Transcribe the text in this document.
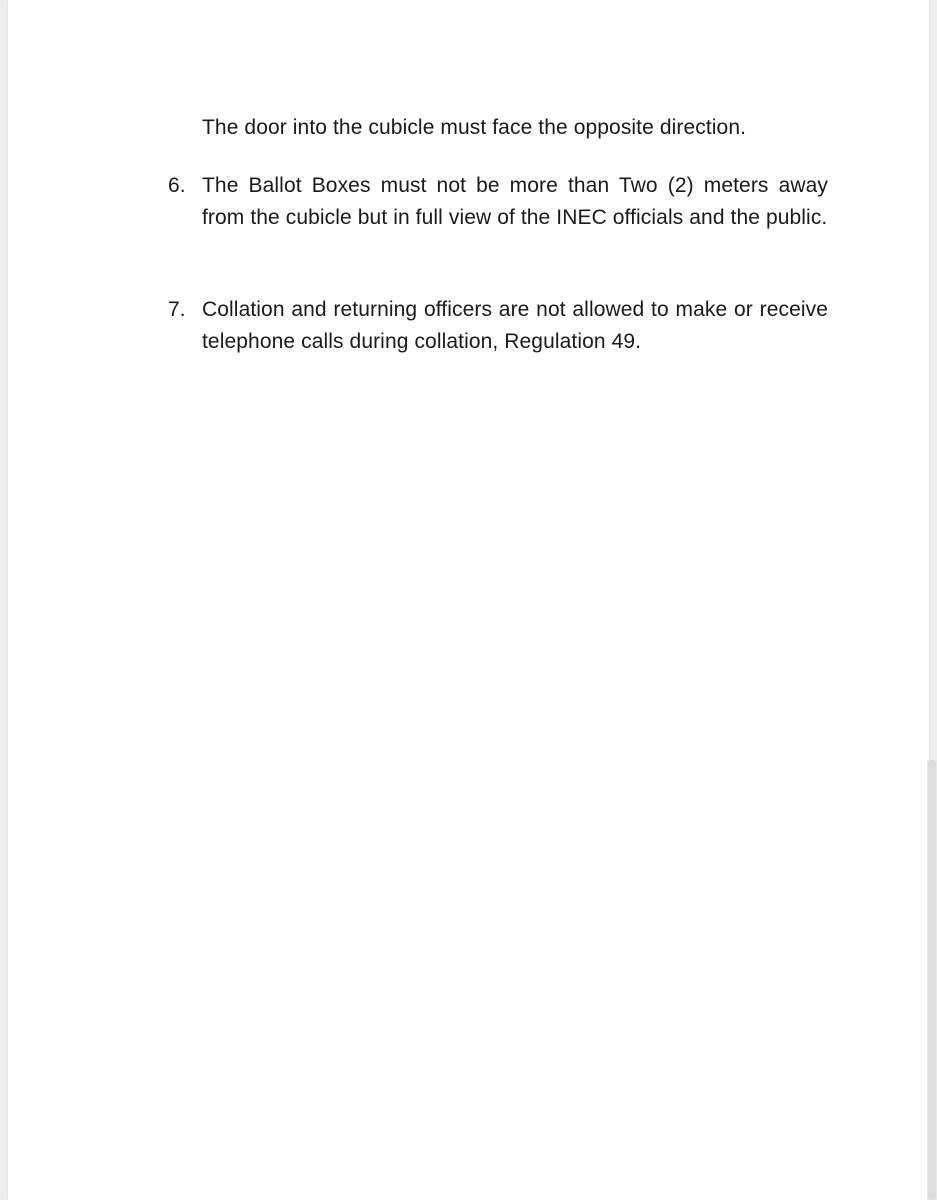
The door into the cubicle must face the opposite direction.

6. The Ballot Boxes must not be more than Two (2) meters away from the cubicle but in full view of the INEC officials and the public.
7. Collation and returning officers are not allowed to make or receive telephone calls during collation, Regulation 49.
